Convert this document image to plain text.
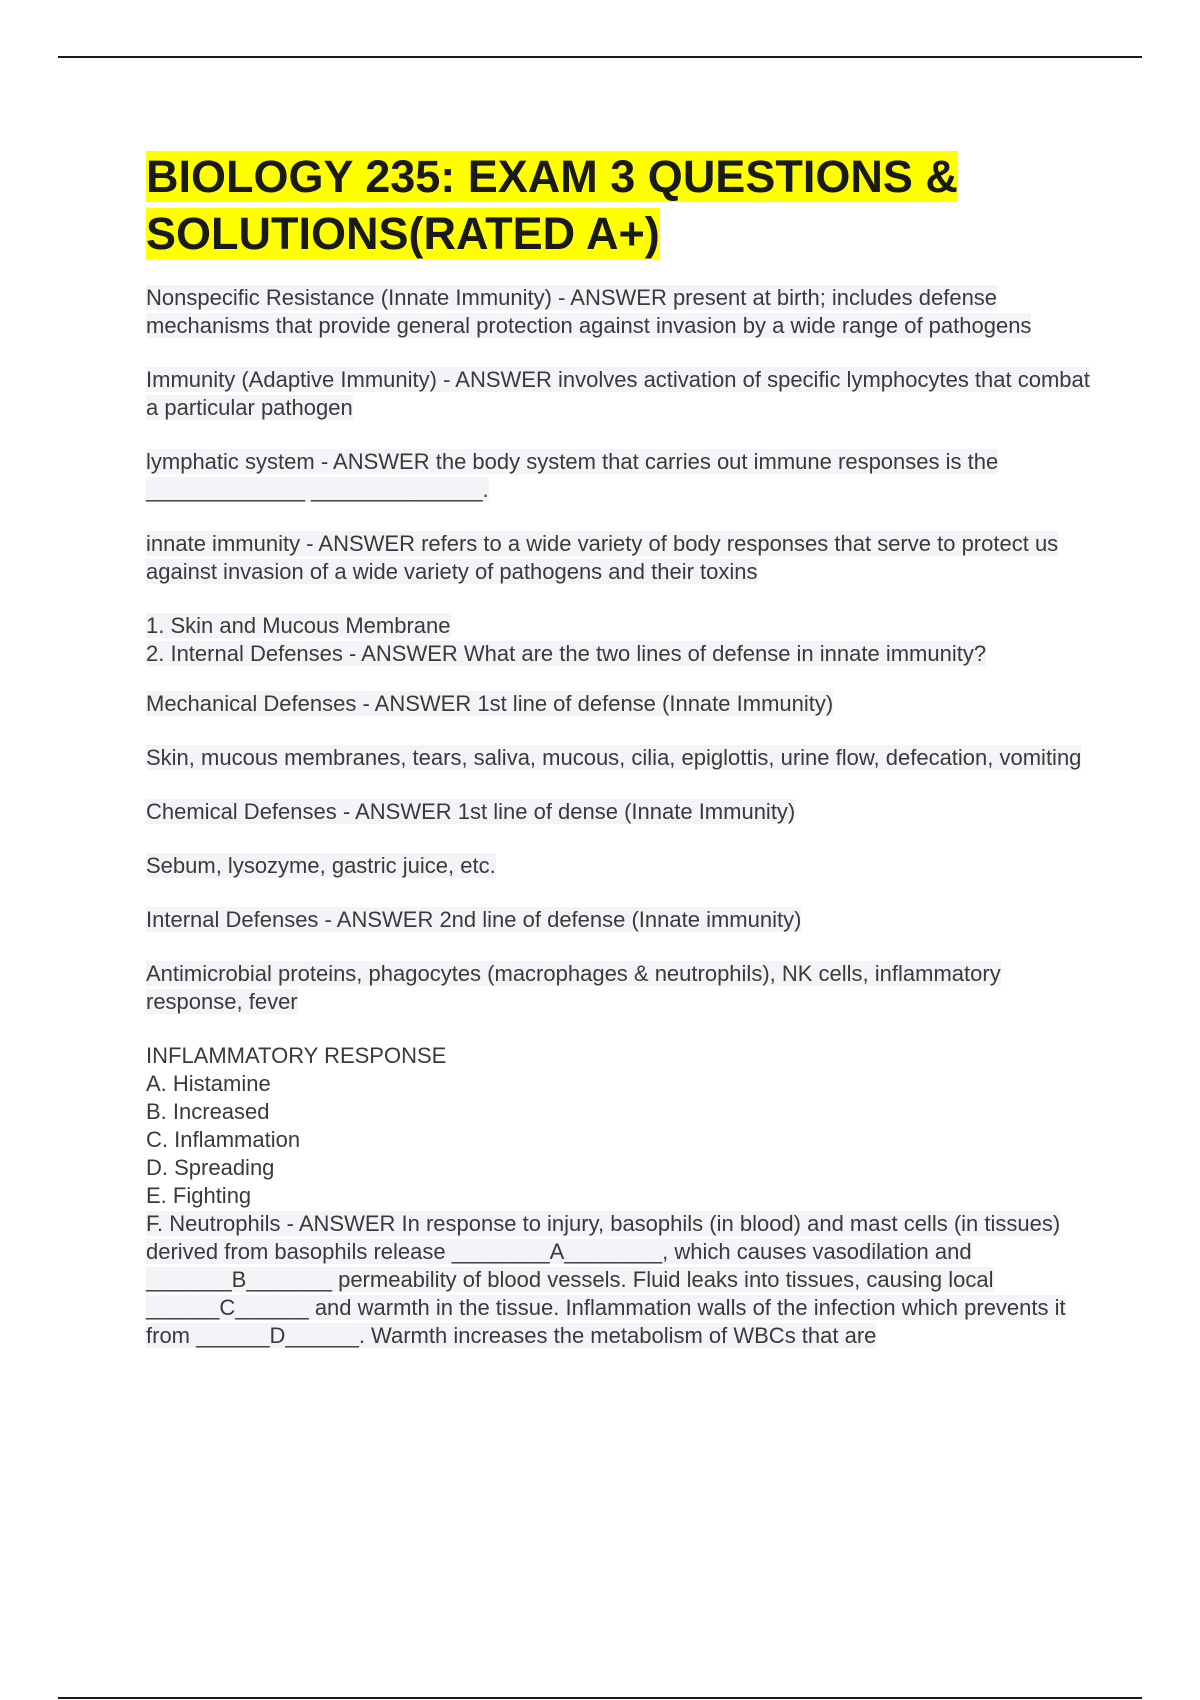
BIOLOGY 235: EXAM 3 QUESTIONS & SOLUTIONS(RATED A+)

Nonspecific Resistance (Innate Immunity) - ANSWER present at birth; includes defense mechanisms that provide general protection against invasion by a wide range of pathogens

Immunity (Adaptive Immunity) - ANSWER involves activation of specific lymphocytes that combat a particular pathogen

lymphatic system - ANSWER the body system that carries out immune responses is the _____________ ______________.

innate immunity - ANSWER refers to a wide variety of body responses that serve to protect us against invasion of a wide variety of pathogens and their toxins

1. Skin and Mucous Membrane
2. Internal Defenses - ANSWER What are the two lines of defense in innate immunity?

Mechanical Defenses - ANSWER 1st line of defense (Innate Immunity)

Skin, mucous membranes, tears, saliva, mucous, cilia, epiglottis, urine flow, defecation, vomiting

Chemical Defenses - ANSWER 1st line of dense (Innate Immunity)

Sebum, lysozyme, gastric juice, etc.

Internal Defenses - ANSWER 2nd line of defense (Innate immunity)

Antimicrobial proteins, phagocytes (macrophages & neutrophils), NK cells, inflammatory response, fever

INFLAMMATORY RESPONSE
A. Histamine
B. Increased
C. Inflammation
D. Spreading
E. Fighting
F. Neutrophils - ANSWER In response to injury, basophils (in blood) and mast cells (in tissues) derived from basophils release ________A________, which causes vasodilation and _______B_______ permeability of blood vessels. Fluid leaks into tissues, causing local ______C______ and warmth in the tissue. Inflammation walls of the infection which prevents it from ______D______. Warmth increases the metabolism of WBCs that are
